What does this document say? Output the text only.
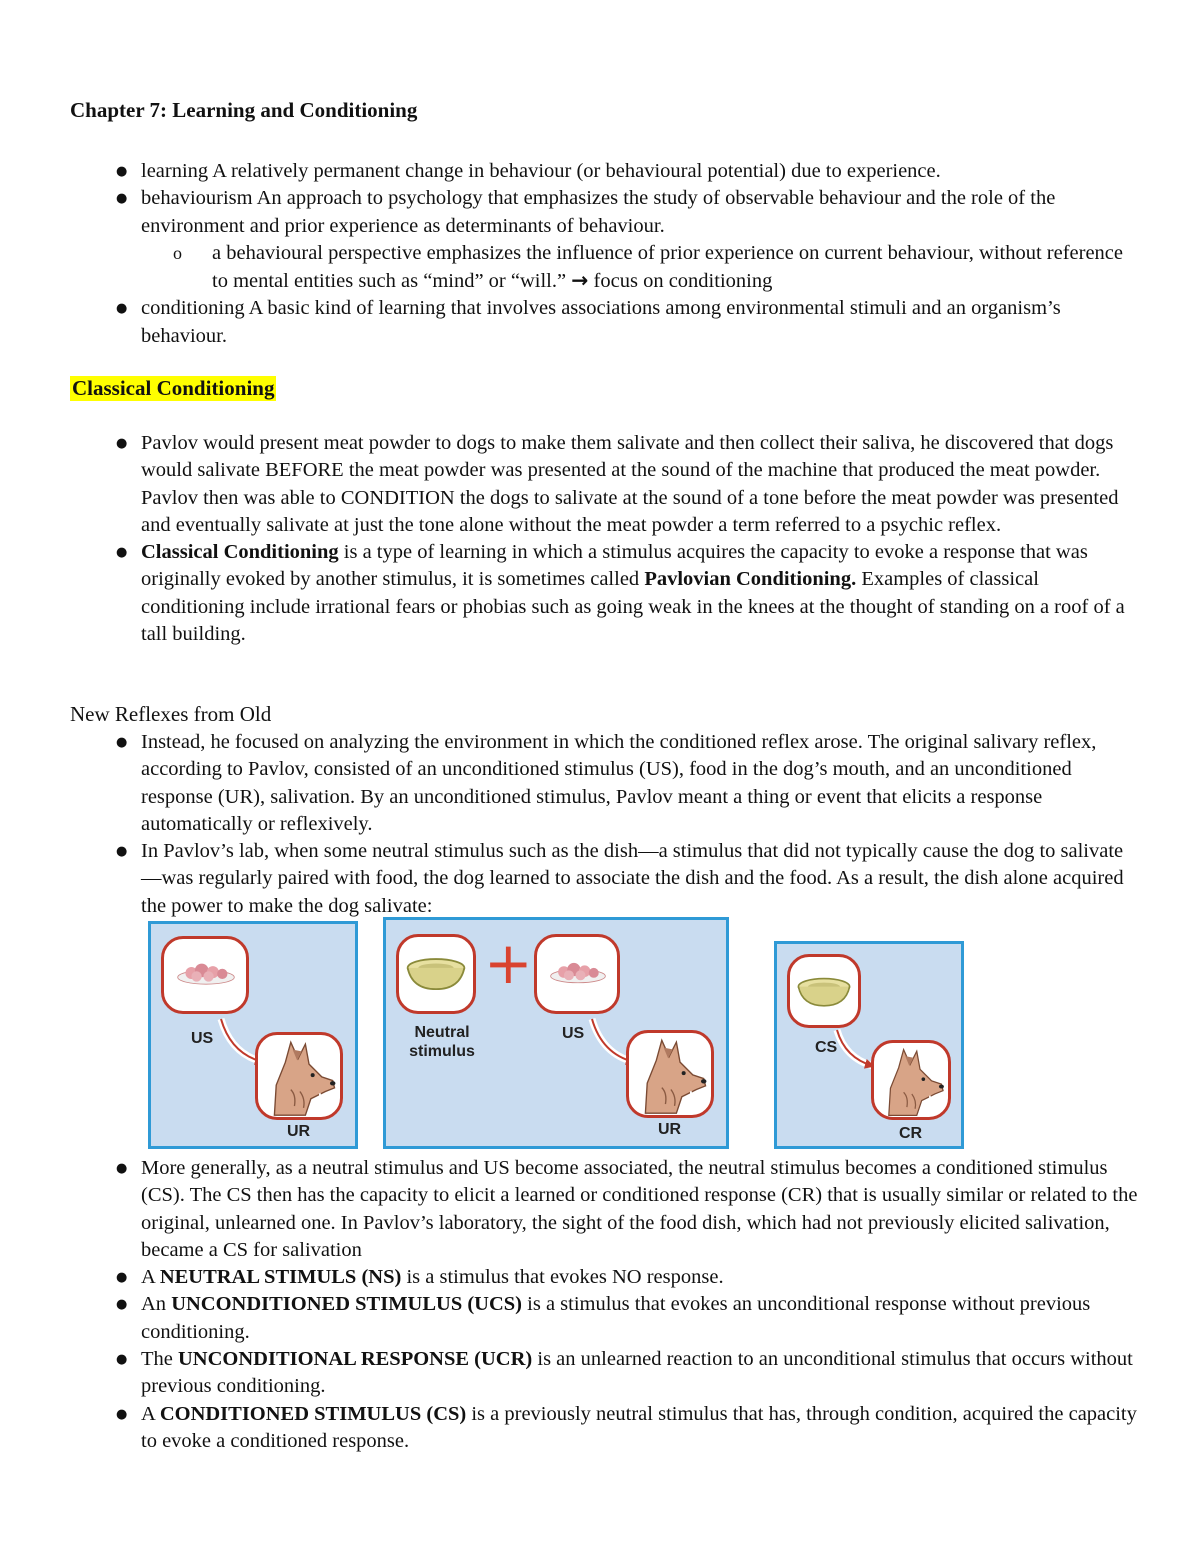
Chapter 7: Learning and Conditioning
● learning A relatively permanent change in behaviour (or behavioural potential) due to experience.
● behaviourism An approach to psychology that emphasizes the study of observable behaviour and the role of the environment and prior experience as determinants of behaviour.
o a behavioural perspective emphasizes the influence of prior experience on current behaviour, without reference to mental entities such as “mind” or “will.” → focus on conditioning
● conditioning A basic kind of learning that involves associations among environmental stimuli and an organism’s behaviour.
Classical Conditioning
● Pavlov would present meat powder to dogs to make them salivate and then collect their saliva, he discovered that dogs would salivate BEFORE the meat powder was presented at the sound of the machine that produced the meat powder. Pavlov then was able to CONDITION the dogs to salivate at the sound of a tone before the meat powder was presented and eventually salivate at just the tone alone without the meat powder a term referred to a psychic reflex.
● Classical Conditioning is a type of learning in which a stimulus acquires the capacity to evoke a response that was originally evoked by another stimulus, it is sometimes called Pavlovian Conditioning. Examples of classical conditioning include irrational fears or phobias such as going weak in the knees at the thought of standing on a roof of a tall building.
New Reflexes from Old
● Instead, he focused on analyzing the environment in which the conditioned reflex arose. The original salivary reflex, according to Pavlov, consisted of an unconditioned stimulus (US), food in the dog’s mouth, and an unconditioned response (UR), salivation. By an unconditioned stimulus, Pavlov meant a thing or event that elicits a response automatically or reflexively.
● In Pavlov’s lab, when some neutral stimulus such as the dish—a stimulus that did not typically cause the dog to salivate—was regularly paired with food, the dog learned to associate the dish and the food. As a result, the dish alone acquired the power to make the dog salivate:
US
UR
+
Neutral stimulus
US
UR
CS
CR
● More generally, as a neutral stimulus and US become associated, the neutral stimulus becomes a conditioned stimulus (CS). The CS then has the capacity to elicit a learned or conditioned response (CR) that is usually similar or related to the original, unlearned one. In Pavlov’s laboratory, the sight of the food dish, which had not previously elicited salivation, became a CS for salivation
● A NEUTRAL STIMULS (NS) is a stimulus that evokes NO response.
● An UNCONDITIONED STIMULUS (UCS) is a stimulus that evokes an unconditional response without previous conditioning.
● The UNCONDITIONAL RESPONSE (UCR) is an unlearned reaction to an unconditional stimulus that occurs without previous conditioning.
● A CONDITIONED STIMULUS (CS) is a previously neutral stimulus that has, through condition, acquired the capacity to evoke a conditioned response.
